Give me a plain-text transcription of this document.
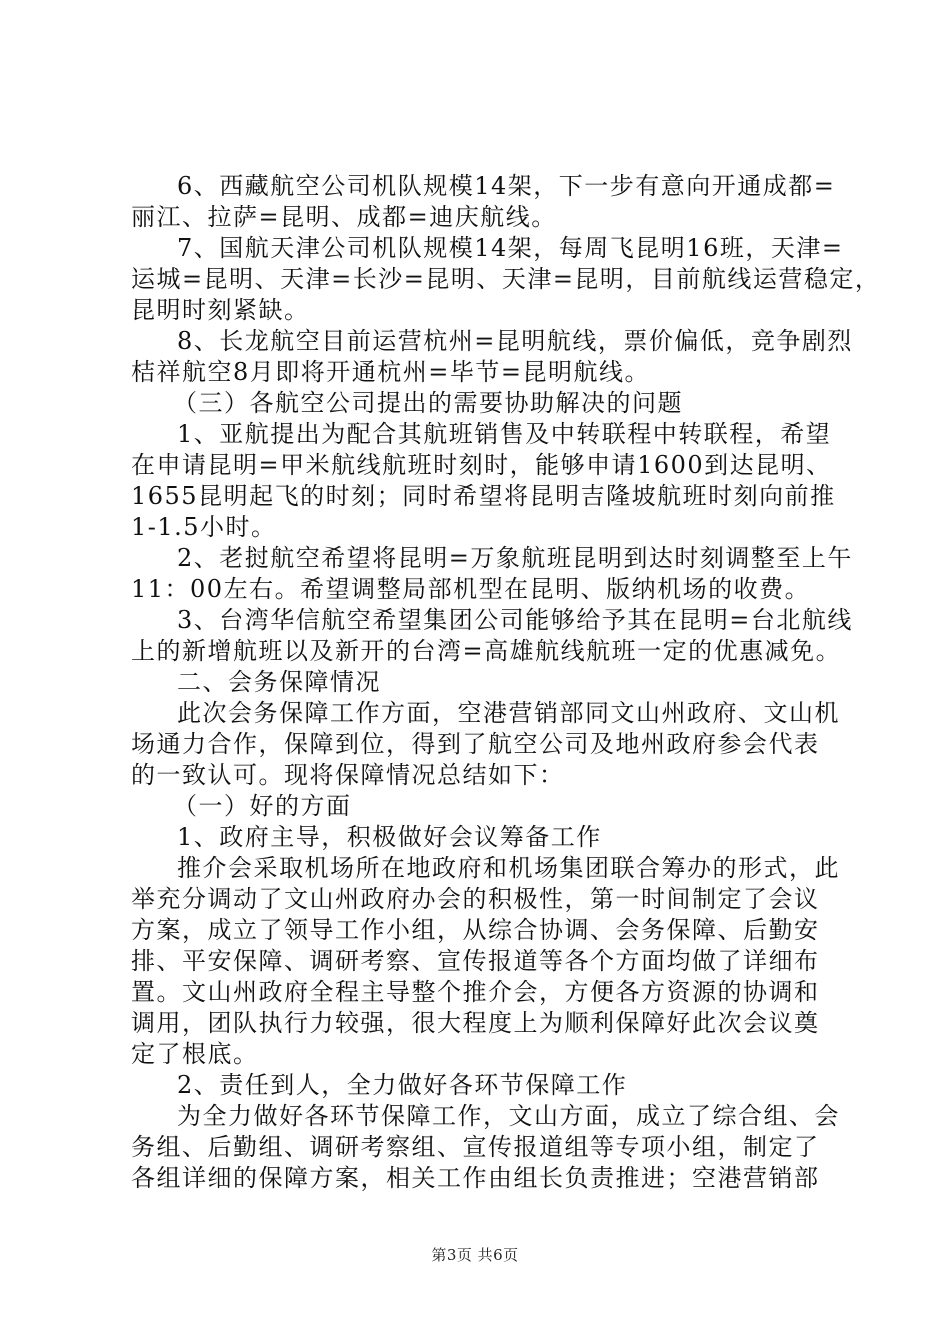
6、西藏航空公司机队规模14架，下一步有意向开通成都=
丽江、拉萨=昆明、成都=迪庆航线。
7、国航天津公司机队规模14架，每周飞昆明16班，天津=
运城=昆明、天津=长沙=昆明、天津=昆明，目前航线运营稳定，
昆明时刻紧缺。
8、长龙航空目前运营杭州=昆明航线，票价偏低，竞争剧烈
桔祥航空8月即将开通杭州=毕节=昆明航线。
（三）各航空公司提出的需要协助解决的问题
1、亚航提出为配合其航班销售及中转联程中转联程，希望
在申请昆明=甲米航线航班时刻时，能够申请1600到达昆明、
1655昆明起飞的时刻；同时希望将昆明吉隆坡航班时刻向前推
1-1.5小时。
2、老挝航空希望将昆明=万象航班昆明到达时刻调整至上午
11：00左右。希望调整局部机型在昆明、版纳机场的收费。
3、台湾华信航空希望集团公司能够给予其在昆明=台北航线
上的新增航班以及新开的台湾=高雄航线航班一定的优惠减免。
二、会务保障情况
此次会务保障工作方面，空港营销部同文山州政府、文山机
场通力合作，保障到位，得到了航空公司及地州政府参会代表
的一致认可。现将保障情况总结如下：
（一）好的方面
1、政府主导，积极做好会议筹备工作
推介会采取机场所在地政府和机场集团联合筹办的形式，此
举充分调动了文山州政府办会的积极性，第一时间制定了会议
方案，成立了领导工作小组，从综合协调、会务保障、后勤安
排、平安保障、调研考察、宣传报道等各个方面均做了详细布
置。文山州政府全程主导整个推介会，方便各方资源的协调和
调用，团队执行力较强，很大程度上为顺利保障好此次会议奠
定了根底。
2、责任到人，全力做好各环节保障工作
为全力做好各环节保障工作，文山方面，成立了综合组、会
务组、后勤组、调研考察组、宣传报道组等专项小组，制定了
各组详细的保障方案，相关工作由组长负责推进；空港营销部
第3页 共6页
